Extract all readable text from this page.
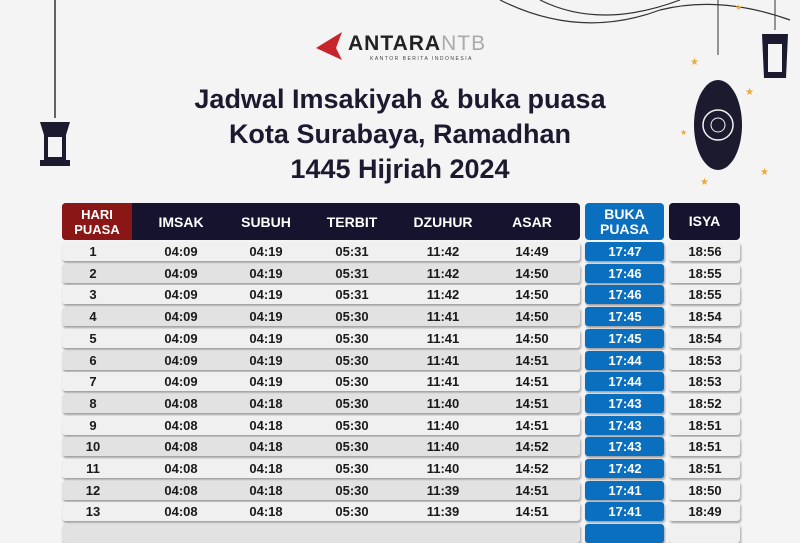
★
★
★
★
★
★
ANTARANTB
KANTOR BERITA INDONESIA
Jadwal Imsakiyah & buka puasa
Kota Surabaya, Ramadhan
1445 Hijriah 2024
HARI PUASA	IMSAK	SUBUH	TERBIT	DZUHUR	ASAR	BUKA PUASA	ISYA
1	04:09	04:19	05:31	11:42	14:49	17:47	18:56
2	04:09	04:19	05:31	11:42	14:50	17:46	18:55
3	04:09	04:19	05:31	11:42	14:50	17:46	18:55
4	04:09	04:19	05:30	11:41	14:50	17:45	18:54
5	04:09	04:19	05:30	11:41	14:50	17:45	18:54
6	04:09	04:19	05:30	11:41	14:51	17:44	18:53
7	04:09	04:19	05:30	11:41	14:51	17:44	18:53
8	04:08	04:18	05:30	11:40	14:51	17:43	18:52
9	04:08	04:18	05:30	11:40	14:51	17:43	18:51
10	04:08	04:18	05:30	11:40	14:52	17:43	18:51
11	04:08	04:18	05:30	11:40	14:52	17:42	18:51
12	04:08	04:18	05:30	11:39	14:51	17:41	18:50
13	04:08	04:18	05:30	11:39	14:51	17:41	18:49
